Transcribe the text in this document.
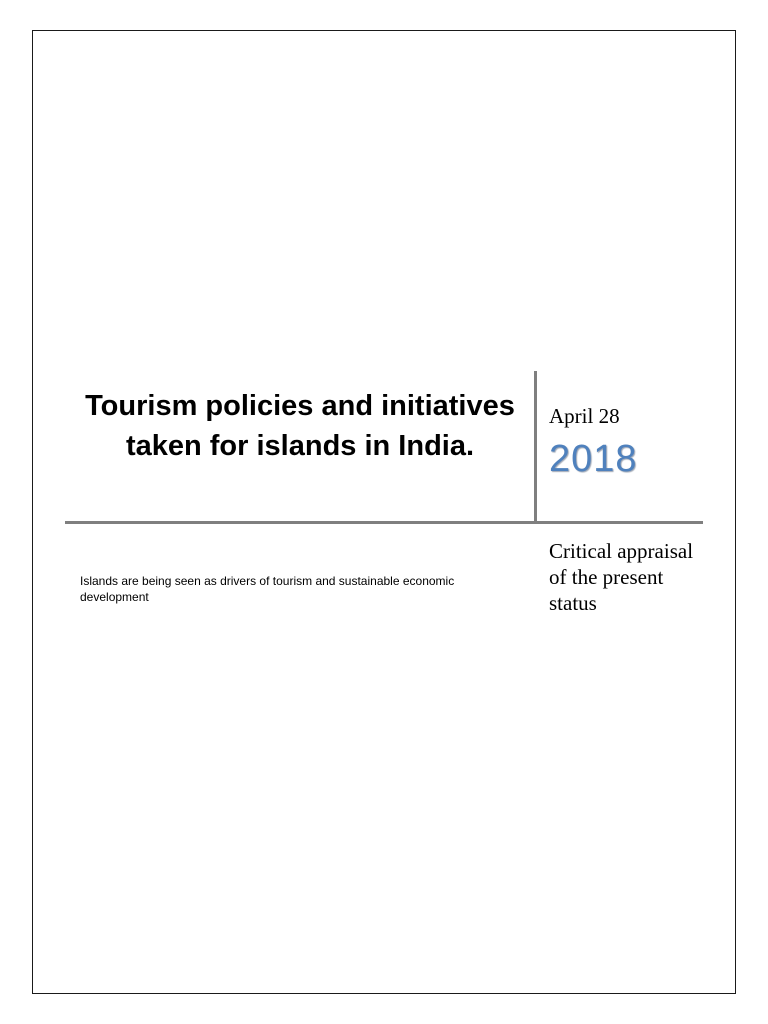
Tourism policies and initiatives taken for islands in India.
April 28
2018

Islands are being seen as drivers of tourism and sustainable economic development

Critical appraisal of the present status
